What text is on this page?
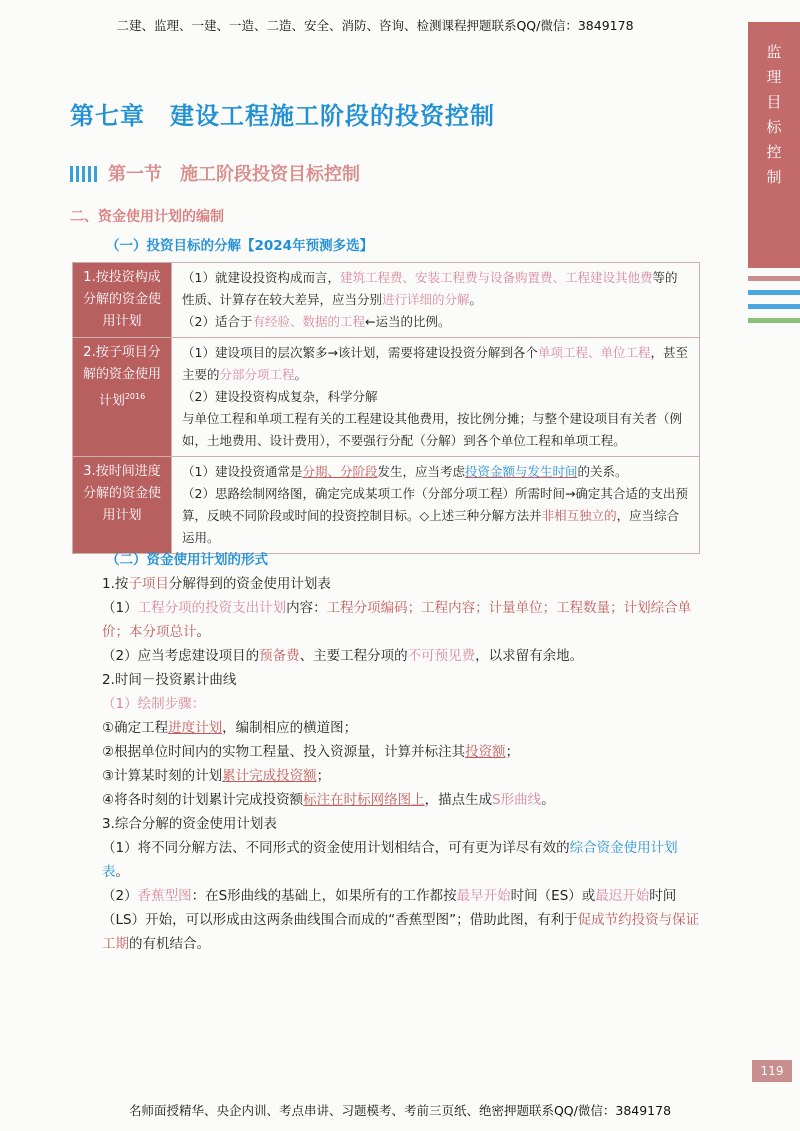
二建、监理、一建、一造、二造、安全、消防、咨询、检测课程押题联系QQ/微信：3849178
监
理
目
标
控
制
第七章　建设工程施工阶段的投资控制
第一节　施工阶段投资目标控制
二、资金使用计划的编制
（一）投资目标的分解【2024年预测多选】
1.按投资构成分解的资金使用计划	（1）就建设投资构成而言，建筑工程费、安装工程费与设备购置费、工程建设其他费等的性质、计算存在较大差异，应当分别进行详细的分解。
（2）适合于有经验、数据的工程←运当的比例。

2.按子项目分解的资金使用计划$^{2016}$	（1）建设项目的层次繁多→该计划，需要将建设投资分解到各个单项工程、单位工程，甚至主要的分部分项工程。
（2）建设投资构成复杂，科学分解
与单位工程和单项工程有关的工程建设其他费用，按比例分摊；与整个建设项目有关者（例如，土地费用、设计费用），不要强行分配（分解）到各个单位工程和单项工程。

3.按时间进度分解的资金使用计划	（1）建设投资通常是分期、分阶段发生，应当考虑投资金额与发生时间的关系。
（2）思路绘制网络图，确定完成某项工作（分部分项工程）所需时间→确定其合适的支出预算，反映不同阶段或时间的投资控制目标。◇上述三种分解方法并非相互独立的，应当综合运用。
（二）资金使用计划的形式
1.按子项目分解得到的资金使用计划表
（1）工程分项的投资支出计划内容：工程分项编码；工程内容；计量单位；工程数量；计划综合单价；本分项总计。
（2）应当考虑建设项目的预备费、主要工程分项的不可预见费，以求留有余地。
2.时间－投资累计曲线
（1）绘制步骤：
①确定工程进度计划，编制相应的横道图；
②根据单位时间内的实物工程量、投入资源量，计算并标注其投资额；
③计算某时刻的计划累计完成投资额；
④将各时刻的计划累计完成投资额标注在时标网络图上，描点生成S形曲线。
3.综合分解的资金使用计划表
（1）将不同分解方法、不同形式的资金使用计划相结合，可有更为详尽有效的综合资金使用计划表。
（2）香蕉型图：在S形曲线的基础上，如果所有的工作都按最早开始时间（ES）或最迟开始时间（LS）开始，可以形成由这两条曲线围合而成的“香蕉型图”；借助此图，有利于促成节约投资与保证工期的有机结合。
119
名师面授精华、央企内训、考点串讲、习题模考、考前三页纸、绝密押题联系QQ/微信：3849178
